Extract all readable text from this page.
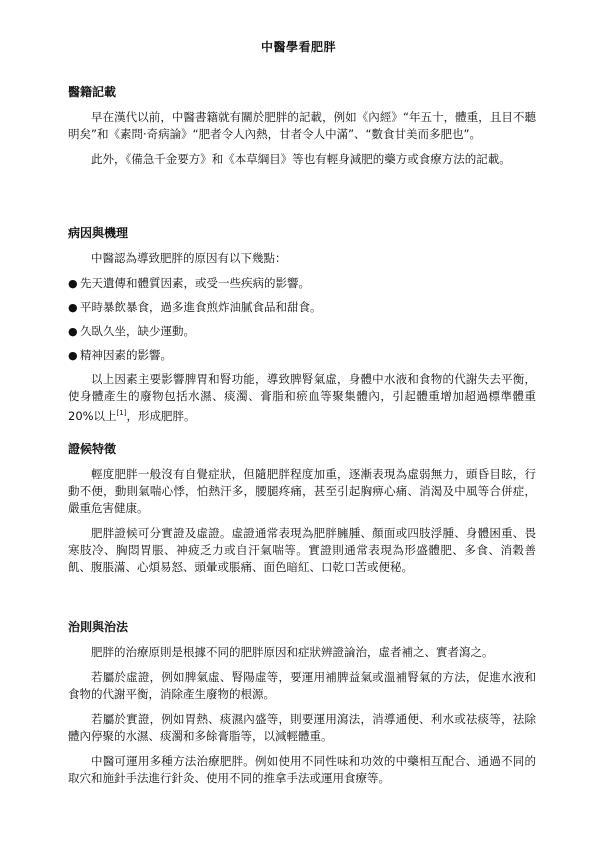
中醫學看肥胖
醫籍記載

早在漢代以前，中醫書籍就有關於肥胖的記載，例如《內經》“年五十，體重，且目不聽明矣”和《素問·奇病論》“肥者令人內熱，甘者令人中滿”、“數食甘美而多肥也”。

此外，《備急千金要方》和《本草綱目》等也有輕身減肥的藥方或食療方法的記載。

病因與機理

中醫認為導致肥胖的原因有以下幾點：

● 先天遺傳和體質因素，或受一些疾病的影響。
● 平時暴飲暴食，過多進食煎炸油膩食品和甜食。
● 久臥久坐，缺少運動。
● 精神因素的影響。

以上因素主要影響脾胃和腎功能，導致脾腎氣虛，身體中水液和食物的代謝失去平衡，使身體產生的廢物包括水濕、痰濁、膏脂和瘀血等聚集體內，引起體重增加超過標準體重 20%以上[1]，形成肥胖。

證候特徵

輕度肥胖一般沒有自覺症狀，但隨肥胖程度加重，逐漸表現為虛弱無力，頭昏目眩，行動不便，動則氣喘心悸，怕熱汗多，腰腿疼痛，甚至引起胸痹心痛、消渴及中風等合併症，嚴重危害健康。

肥胖證候可分實證及虛證。虛證通常表現為肥胖臃腫、顏面或四肢浮腫、身體困重、畏寒肢冷、胸悶胃脹、神疲乏力或自汗氣喘等。實證則通常表現為形盛體肥、多食、消穀善飢、腹脹滿、心煩易怒、頭暈或脹痛、面色暗紅、口乾口苦或便秘。

治則與治法

肥胖的治療原則是根據不同的肥胖原因和症狀辨證論治，虛者補之、實者瀉之。

若屬於虛證，例如脾氣虛、腎陽虛等，要運用補脾益氣或溫補腎氣的方法，促進水液和食物的代謝平衡，消除產生廢物的根源。

若屬於實證，例如胃熱、痰濕內盛等，則要運用瀉法，消導通便、利水或祛痰等，祛除體內停聚的水濕、痰濁和多餘膏脂等，以減輕體重。

中醫可運用多種方法治療肥胖。例如使用不同性味和功效的中藥相互配合、通過不同的取穴和施針手法進行針灸、使用不同的推拿手法或運用食療等。
